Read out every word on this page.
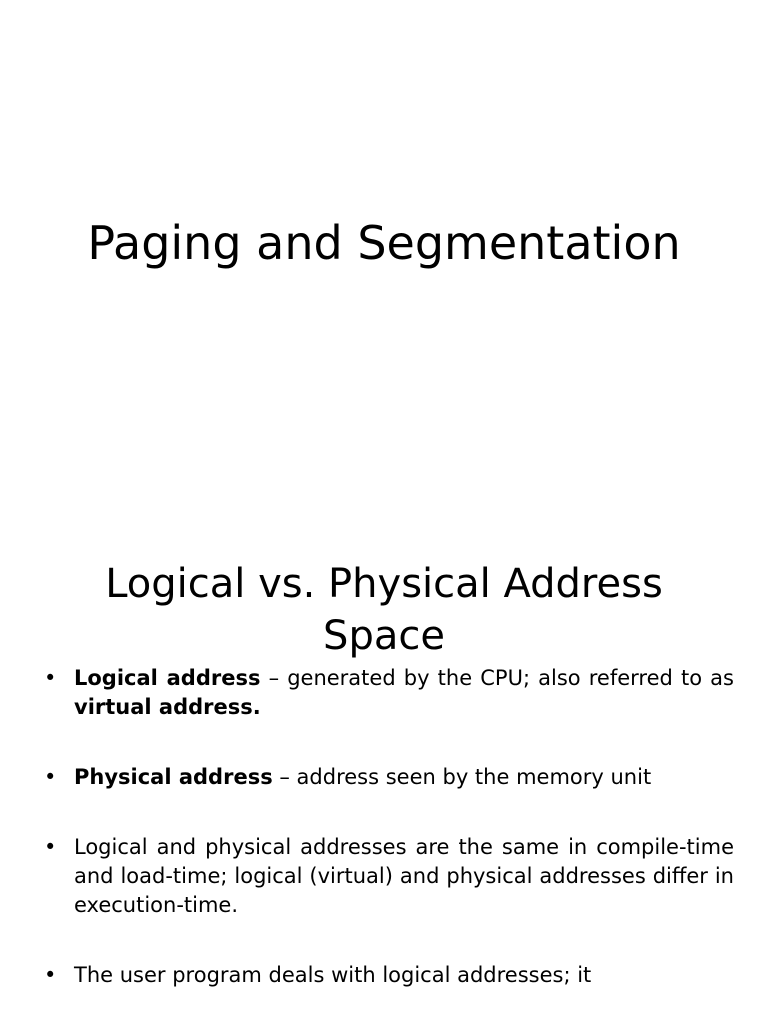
Paging and Segmentation
Logical vs. Physical Address Space
• Logical address – generated by the CPU; also referred to as virtual address.
• Physical address – address seen by the memory unit
• Logical and physical addresses are the same in compile-time and load-time; logical (virtual) and physical addresses differ in execution-time.
• The user program deals with logical addresses; it
